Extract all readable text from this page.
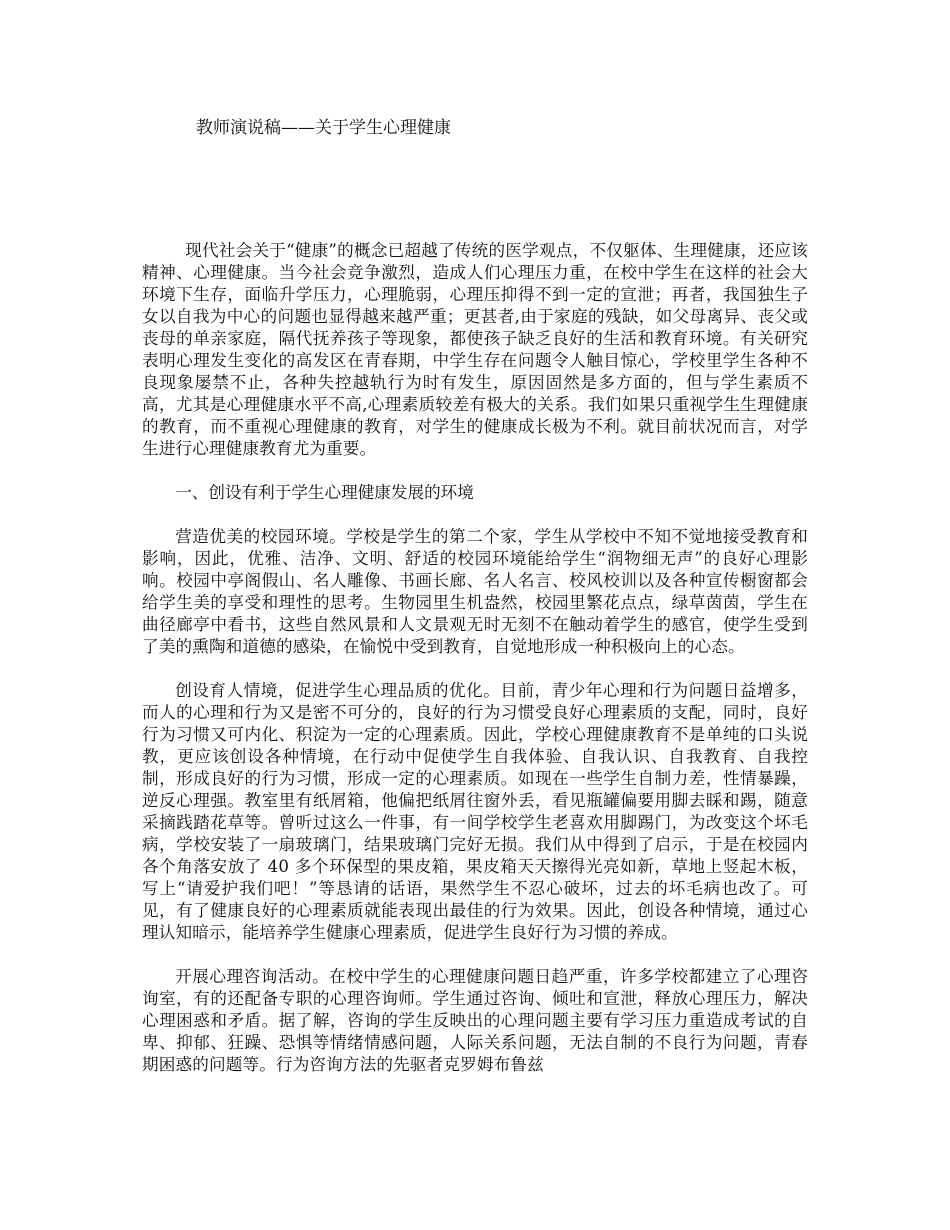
教师演说稿——关于学生心理健康

现代社会关于“健康”的概念已超越了传统的医学观点，不仅躯体、生理健康，还应该精神、心理健康。当今社会竞争激烈，造成人们心理压力重，在校中学生在这样的社会大环境下生存，面临升学压力，心理脆弱，心理压抑得不到一定的宣泄；再者，我国独生子女以自我为中心的问题也显得越来越严重；更甚者,由于家庭的残缺，如父母离异、丧父或丧母的单亲家庭，隔代抚养孩子等现象，都使孩子缺乏良好的生活和教育环境。有关研究表明心理发生变化的高发区在青春期，中学生存在问题令人触目惊心，学校里学生各种不良现象屡禁不止，各种失控越轨行为时有发生，原因固然是多方面的，但与学生素质不高，尤其是心理健康水平不高,心理素质较差有极大的关系。我们如果只重视学生生理健康的教育，而不重视心理健康的教育，对学生的健康成长极为不利。就目前状况而言，对学生进行心理健康教育尤为重要。

一、创设有利于学生心理健康发展的环境

营造优美的校园环境。学校是学生的第二个家，学生从学校中不知不觉地接受教育和影响，因此，优雅、洁净、文明、舒适的校园环境能给学生“润物细无声”的良好心理影响。校园中亭阁假山、名人雕像、书画长廊、名人名言、校风校训以及各种宣传橱窗都会给学生美的享受和理性的思考。生物园里生机盎然，校园里繁花点点，绿草茵茵，学生在曲径廊亭中看书，这些自然风景和人文景观无时无刻不在触动着学生的感官，使学生受到了美的熏陶和道德的感染，在愉悦中受到教育，自觉地形成一种积极向上的心态。

创设育人情境，促进学生心理品质的优化。目前，青少年心理和行为问题日益增多，而人的心理和行为又是密不可分的，良好的行为习惯受良好心理素质的支配，同时，良好行为习惯又可内化、积淀为一定的心理素质。因此，学校心理健康教育不是单纯的口头说教，更应该创设各种情境，在行动中促使学生自我体验、自我认识、自我教育、自我控制，形成良好的行为习惯，形成一定的心理素质。如现在一些学生自制力差，性情暴躁，逆反心理强。教室里有纸屑箱，他偏把纸屑往窗外丢，看见瓶罐偏要用脚去睬和踢，随意采摘践踏花草等。曾听过这么一件事，有一间学校学生老喜欢用脚踢门，为改变这个坏毛病，学校安装了一扇玻璃门，结果玻璃门完好无损。我们从中得到了启示，于是在校园内各个角落安放了 40 多个环保型的果皮箱，果皮箱天天擦得光亮如新，草地上竖起木板，写上“请爱护我们吧！”等恳请的话语，果然学生不忍心破坏，过去的坏毛病也改了。可见，有了健康良好的心理素质就能表现出最佳的行为效果。因此，创设各种情境，通过心理认知暗示，能培养学生健康心理素质，促进学生良好行为习惯的养成。

开展心理咨询活动。在校中学生的心理健康问题日趋严重，许多学校都建立了心理咨询室，有的还配备专职的心理咨询师。学生通过咨询、倾吐和宣泄，释放心理压力，解决心理困惑和矛盾。据了解，咨询的学生反映出的心理问题主要有学习压力重造成考试的自卑、抑郁、狂躁、恐惧等情绪情感问题，人际关系问题，无法自制的不良行为问题，青春期困惑的问题等。行为咨询方法的先驱者克罗姆布鲁兹
